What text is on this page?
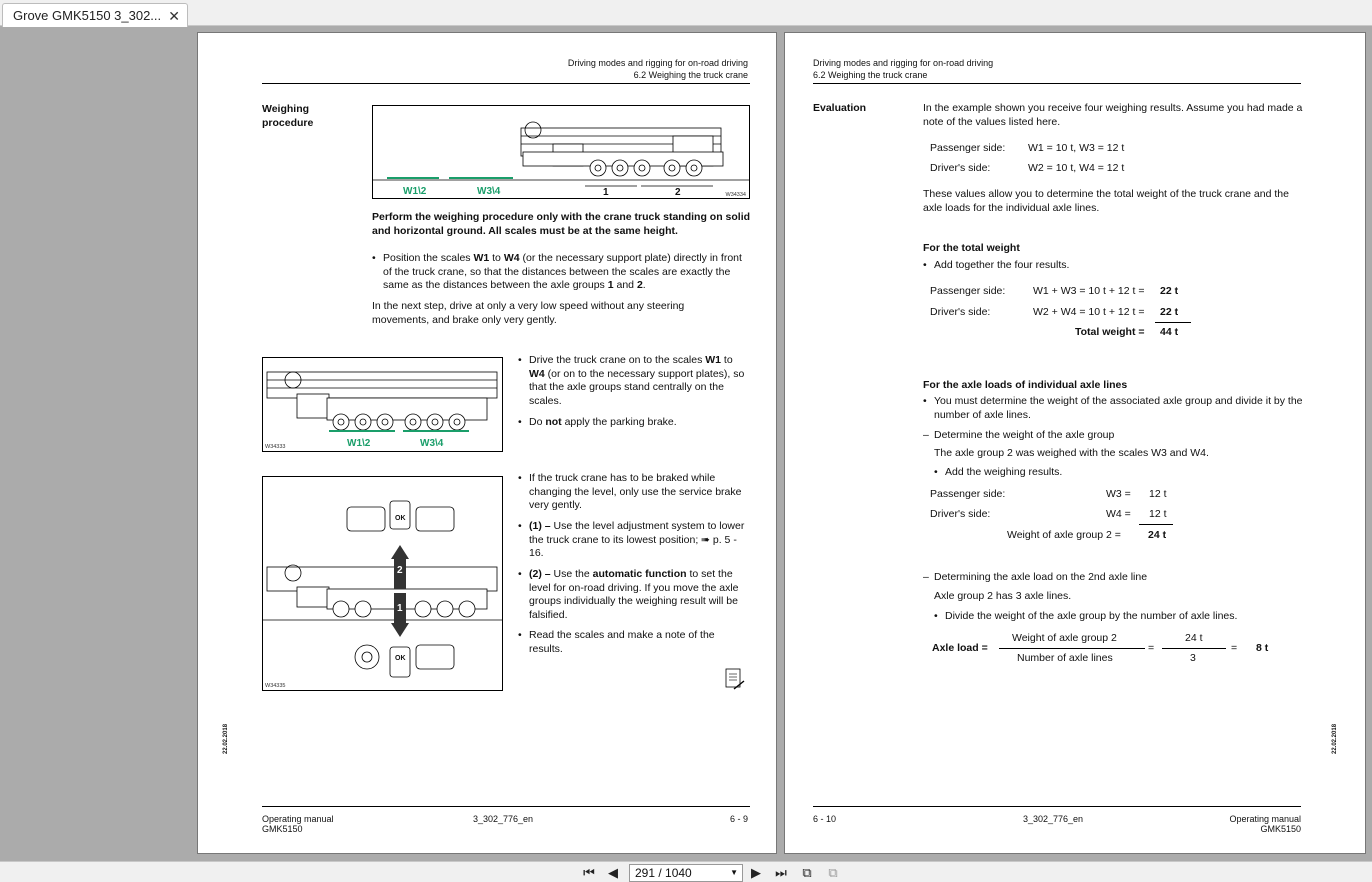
Grove GMK5150 3_302... ✕
Driving modes and rigging for on-road driving
6.2 Weighing the truck crane
Weighing procedure
W1\2	W3\4	1	2	W34334
Perform the weighing procedure only with the crane truck standing on solid and horizontal ground. All scales must be at the same height.
• Position the scales W1 to W4 (or the necessary support plate) directly in front of the truck crane, so that the distances between the scales are exactly the same as the distances between the axle groups 1 and 2.
In the next step, drive at only a very low speed without any steering movements, and brake only very gently.
W1\2	W3\4
W34333
• Drive the truck crane on to the scales W1 to W4 (or on to the necessary support plates), so that the axle groups stand centrally on the scales.
• Do not apply the parking brake.
OK
OK
2
1
W34335
• If the truck crane has to be braked while changing the level, only use the service brake very gently.
• (1) – Use the level adjustment system to lower the truck crane to its lowest position; ➠ p. 5 - 16.
• (2) – Use the automatic function to set the level for on-road driving. If you move the axle groups individually the weighing result will be falsified.
• Read the scales and make a note of the results.
22.02.2018
Operating manual
GMK5150
3_302_776_en	6 - 9
Driving modes and rigging for on-road driving
6.2 Weighing the truck crane
Evaluation	In the example shown you receive four weighing results. Assume you had made a note of the values listed here.
Passenger side: W1 = 10 t, W3 = 12 t
Driver's side:	W2 = 10 t, W4 = 12 t
These values allow you to determine the total weight of the truck crane and the axle loads for the individual axle lines.
For the total weight
• Add together the four results.
Passenger side:	W1 + W3 = 10 t + 12 t = 22 t
Driver's side:	W2 + W4 = 10 t + 12 t = 22 t
Total weight = 44 t
For the axle loads of individual axle lines
• You must determine the weight of the associated axle group and divide it by the number of axle lines.
– Determine the weight of the axle group
The axle group 2 was weighed with the scales W3 and W4.
• Add the weighing results.
Passenger side:	W3 = 12 t
Driver's side:	W4 = 12 t
Weight of axle group 2 =	24 t
– Determining the axle load on the 2nd axle line
Axle group 2 has 3 axle lines.
• Divide the weight of the axle group by the number of axle lines.
Axle load =
Weight of axle group 2
Number of axle lines
=
24 t
3
= 8 t
22.02.2018
6 - 10	3_302_776_en	Operating manual
GMK5150
⏮	◀	291 / 1040	▼	▶	⏭	⧉	⧉
